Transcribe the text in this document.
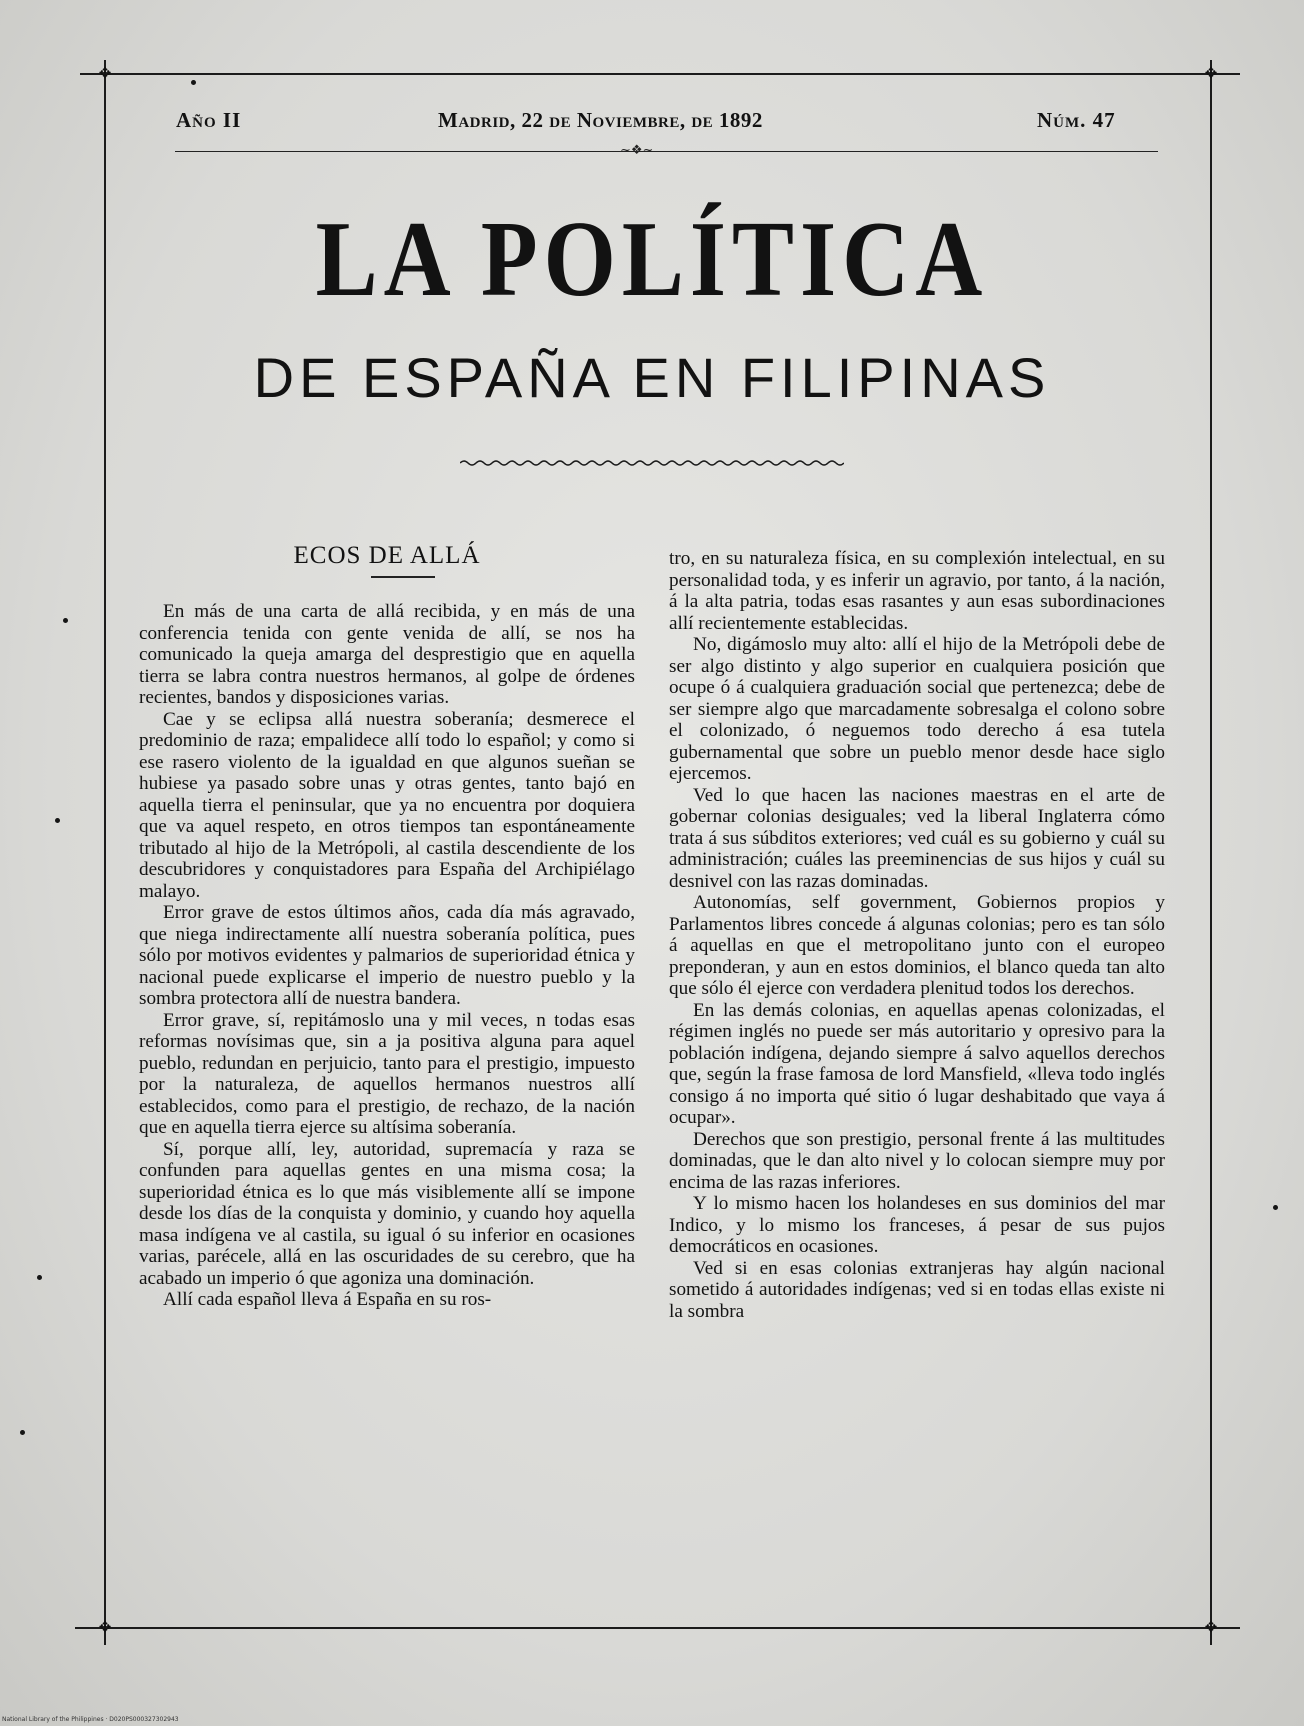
✥	✥
✥	✥
Año II	Madrid, 22 de Noviembre, de 1892	Núm. 47
~❖~
LA POLÍTICA
DE ESPAÑA EN FILIPINAS
ECOS DE ALLÁ

En más de una carta de allá recibida, y en más de una conferencia tenida con gente venida de allí, se nos ha comunicado la queja amarga del desprestigio que en aquella tierra se labra contra nuestros hermanos, al golpe de órdenes recientes, bandos y disposiciones varias.

Cae y se eclipsa allá nuestra soberanía; desmerece el predominio de raza; empalidece allí todo lo español; y como si ese rasero violento de la igualdad en que algunos sueñan se hubiese ya pasado sobre unas y otras gentes, tanto bajó en aquella tierra el peninsular, que ya no encuentra por doquiera que va aquel respeto, en otros tiempos tan espontáneamente tributado al hijo de la Metrópoli, al castila descendiente de los descubridores y conquistadores para España del Archipiélago malayo.

Error grave de estos últimos años, cada día más agravado, que niega indirectamente allí nuestra soberanía política, pues sólo por motivos evidentes y palmarios de superioridad étnica y nacional puede explicarse el imperio de nuestro pueblo y la sombra protectora allí de nuestra bandera.

Error grave, sí, repitámoslo una y mil veces, n todas esas reformas novísimas que, sin a ja positiva alguna para aquel pueblo, redundan en perjuicio, tanto para el prestigio, impuesto por la naturaleza, de aquellos hermanos nuestros allí establecidos, como para el prestigio, de rechazo, de la nación que en aquella tierra ejerce su altísima soberanía.

Sí, porque allí, ley, autoridad, supremacía y raza se confunden para aquellas gentes en una misma cosa; la superioridad étnica es lo que más visiblemente allí se impone desde los días de la conquista y dominio, y cuando hoy aquella masa indígena ve al castila, su igual ó su inferior en ocasiones varias, parécele, allá en las oscuridades de su cerebro, que ha acabado un imperio ó que agoniza una dominación.

Allí cada español lleva á España en su ros-

tro, en su naturaleza física, en su complexión intelectual, en su personalidad toda, y es inferir un agravio, por tanto, á la nación, á la alta patria, todas esas rasantes y aun esas subordinaciones allí recientemente establecidas.

No, digámoslo muy alto: allí el hijo de la Metrópoli debe de ser algo distinto y algo superior en cualquiera posición que ocupe ó á cualquiera graduación social que pertenezca; debe de ser siempre algo que marcadamente sobresalga el colono sobre el colonizado, ó neguemos todo derecho á esa tutela gubernamental que sobre un pueblo menor desde hace siglo ejercemos.

Ved lo que hacen las naciones maestras en el arte de gobernar colonias desiguales; ved la liberal Inglaterra cómo trata á sus súbditos exteriores; ved cuál es su gobierno y cuál su administración; cuáles las preeminencias de sus hijos y cuál su desnivel con las razas dominadas.

Autonomías, self government, Gobiernos propios y Parlamentos libres concede á algunas colonias; pero es tan sólo á aquellas en que el metropolitano junto con el europeo preponderan, y aun en estos dominios, el blanco queda tan alto que sólo él ejerce con verdadera plenitud todos los derechos.

En las demás colonias, en aquellas apenas colonizadas, el régimen inglés no puede ser más autoritario y opresivo para la población indígena, dejando siempre á salvo aquellos derechos que, según la frase famosa de lord Mansfield, «lleva todo inglés consigo á no importa qué sitio ó lugar deshabitado que vaya á ocupar».

Derechos que son prestigio, personal frente á las multitudes dominadas, que le dan alto nivel y lo colocan siempre muy por encima de las razas inferiores.

Y lo mismo hacen los holandeses en sus dominios del mar Indico, y lo mismo los franceses, á pesar de sus pujos democráticos en ocasiones.

Ved si en esas colonias extranjeras hay algún nacional sometido á autoridades indígenas; ved si en todas ellas existe ni la sombra

National Library of the Philippines · D020PS000327302943
